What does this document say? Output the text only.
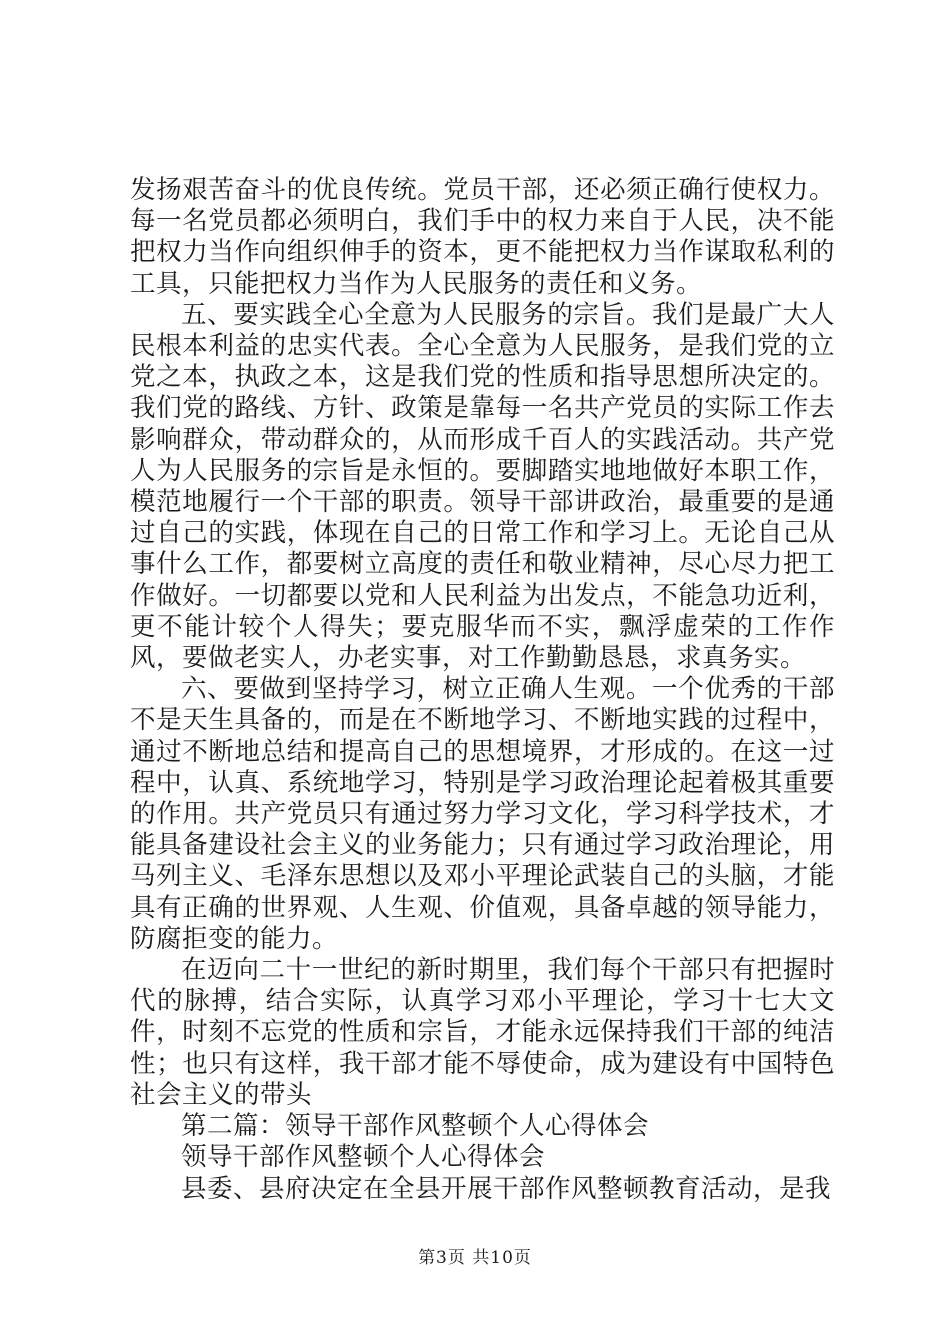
发扬艰苦奋斗的优良传统。党员干部，还必须正确行使权力。每一名党员都必须明白，我们手中的权力来自于人民，决不能把权力当作向组织伸手的资本，更不能把权力当作谋取私利的工具，只能把权力当作为人民服务的责任和义务。

五、要实践全心全意为人民服务的宗旨。我们是最广大人民根本利益的忠实代表。全心全意为人民服务，是我们党的立党之本，执政之本，这是我们党的性质和指导思想所决定的。我们党的路线、方针、政策是靠每一名共产党员的实际工作去影响群众，带动群众的，从而形成千百人的实践活动。共产党人为人民服务的宗旨是永恒的。要脚踏实地地做好本职工作，模范地履行一个干部的职责。领导干部讲政治，最重要的是通过自己的实践，体现在自己的日常工作和学习上。无论自己从事什么工作，都要树立高度的责任和敬业精神，尽心尽力把工作做好。一切都要以党和人民利益为出发点，不能急功近利，更不能计较个人得失；要克服华而不实，飘浮虚荣的工作作风，要做老实人，办老实事，对工作勤勤恳恳，求真务实。

六、要做到坚持学习，树立正确人生观。一个优秀的干部不是天生具备的，而是在不断地学习、不断地实践的过程中，通过不断地总结和提高自己的思想境界，才形成的。在这一过程中，认真、系统地学习，特别是学习政治理论起着极其重要的作用。共产党员只有通过努力学习文化，学习科学技术，才能具备建设社会主义的业务能力；只有通过学习政治理论，用马列主义、毛泽东思想以及邓小平理论武装自己的头脑，才能具有正确的世界观、人生观、价值观，具备卓越的领导能力，防腐拒变的能力。

在迈向二十一世纪的新时期里，我们每个干部只有把握时代的脉搏，结合实际，认真学习邓小平理论，学习十七大文件，时刻不忘党的性质和宗旨，才能永远保持我们干部的纯洁性；也只有这样，我干部才能不辱使命，成为建设有中国特色社会主义的带头

第二篇：领导干部作风整顿个人心得体会

领导干部作风整顿个人心得体会

县委、县府决定在全县开展干部作风整顿教育活动，是我

第3页 共10页
